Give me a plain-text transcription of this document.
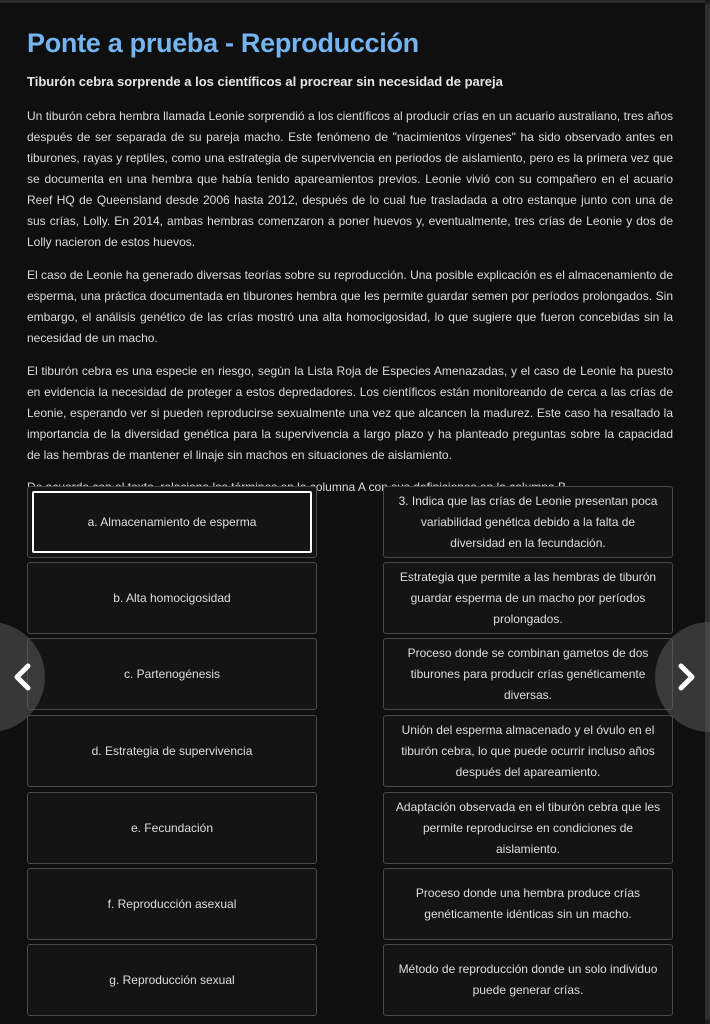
Ponte a prueba - Reproducción
Tiburón cebra sorprende a los científicos al procrear sin necesidad de pareja
Un tiburón cebra hembra llamada Leonie sorprendió a los científicos al producir crías en un acuario australiano, tres años después de ser separada de su pareja macho. Este fenómeno de "nacimientos vírgenes" ha sido observado antes en tiburones, rayas y reptiles, como una estrategia de supervivencia en periodos de aislamiento, pero es la primera vez que se documenta en una hembra que había tenido apareamientos previos. Leonie vivió con su compañero en el acuario Reef HQ de Queensland desde 2006 hasta 2012, después de lo cual fue trasladada a otro estanque junto con una de sus crías, Lolly. En 2014, ambas hembras comenzaron a poner huevos y, eventualmente, tres crías de Leonie y dos de Lolly nacieron de estos huevos.
El caso de Leonie ha generado diversas teorías sobre su reproducción. Una posible explicación es el almacenamiento de esperma, una práctica documentada en tiburones hembra que les permite guardar semen por períodos prolongados. Sin embargo, el análisis genético de las crías mostró una alta homocigosidad, lo que sugiere que fueron concebidas sin la necesidad de un macho.
El tiburón cebra es una especie en riesgo, según la Lista Roja de Especies Amenazadas, y el caso de Leonie ha puesto en evidencia la necesidad de proteger a estos depredadores. Los científicos están monitoreando de cerca a las crías de Leonie, esperando ver si pueden reproducirse sexualmente una vez que alcancen la madurez. Este caso ha resaltado la importancia de la diversidad genética para la supervivencia a largo plazo y ha planteado preguntas sobre la capacidad de las hembras de mantener el linaje sin machos en situaciones de aislamiento.
columna A con
a. Almacenamiento de esperma
b. Alta homocigosidad
c. Partenogénesis
d. Estrategia de supervivencia
e. Fecundación
f. Reproducción asexual
g. Reproducción sexual
3. Indica que las crías de Leonie presentan poca variabilidad genética debido a la falta de diversidad en la fecundación.
Estrategia que permite a las hembras de tiburón guardar esperma de un macho por períodos prolongados.
Proceso donde se combinan gametos de dos tiburones para producir crías genéticamente diversas.
Unión del esperma almacenado y el óvulo en el tiburón cebra, lo que puede ocurrir incluso años después del apareamiento.
Adaptación observada en el tiburón cebra que les permite reproducirse en condiciones de aislamiento.
Proceso donde una hembra produce crías genéticamente idénticas sin un macho.
Método de reproducción donde un solo individuo puede generar crías.
